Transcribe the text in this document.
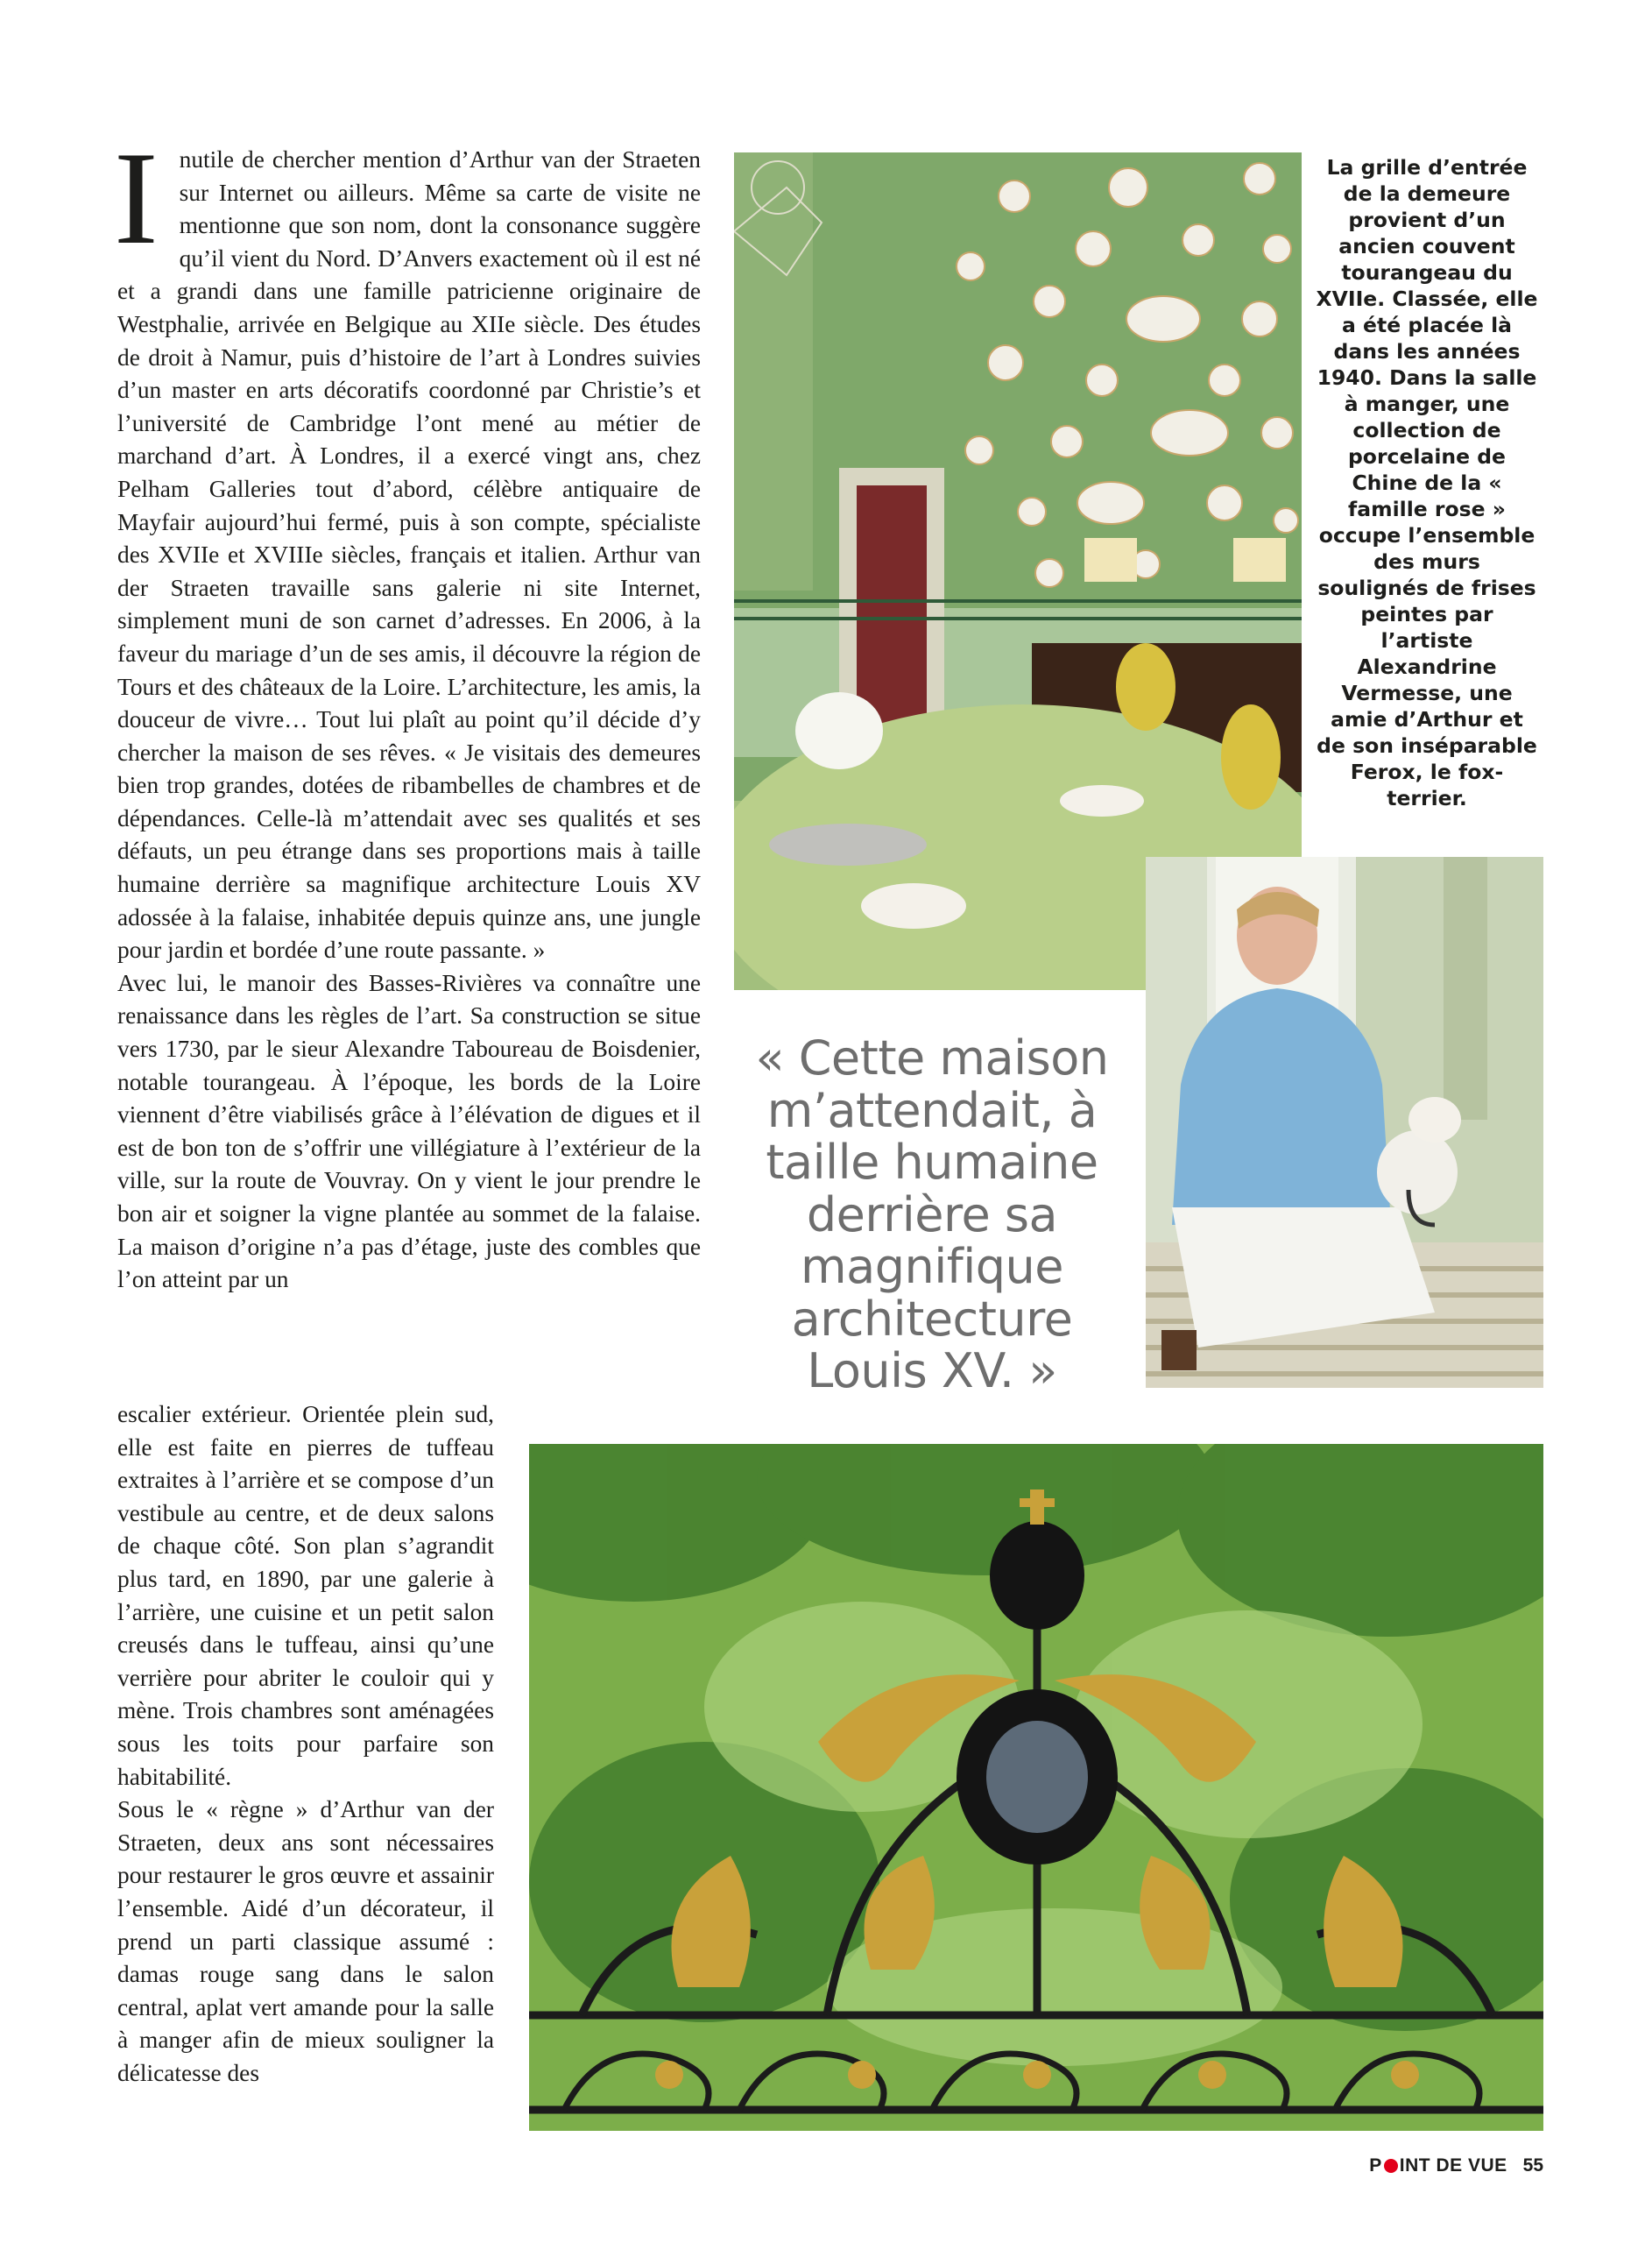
Inutile de chercher mention d’Arthur van der Straeten sur Internet ou ailleurs. Même sa carte de visite ne mentionne que son nom, dont la consonance suggère qu’il vient du Nord. D’Anvers exactement où il est né et a grandi dans une famille patricienne originaire de Westphalie, arrivée en Belgique au XIIe siècle. Des études de droit à Namur, puis d’histoire de l’art à Londres suivies d’un master en arts décoratifs coordonné par Christie’s et l’université de Cambridge l’ont mené au métier de marchand d’art. À Londres, il a exercé vingt ans, chez Pelham Galleries tout d’abord, célèbre antiquaire de Mayfair aujourd’hui fermé, puis à son compte, spécialiste des XVIIe et XVIIIe siècles, français et italien. Arthur van der Straeten travaille sans galerie ni site Internet, simplement muni de son carnet d’adresses. En 2006, à la faveur du mariage d’un de ses amis, il découvre la région de Tours et des châteaux de la Loire. L’architecture, les amis, la douceur de vivre… Tout lui plaît au point qu’il décide d’y chercher la maison de ses rêves. « Je visitais des demeures bien trop grandes, dotées de ribambelles de chambres et de dépendances. Celle-là m’attendait avec ses qualités et ses défauts, un peu étrange dans ses proportions mais à taille humaine derrière sa magnifique architecture Louis XV adossée à la falaise, inhabitée depuis quinze ans, une jungle pour jardin et bordée d’une route passante. »

Avec lui, le manoir des Basses-Rivières va connaître une renaissance dans les règles de l’art. Sa construction se situe vers 1730, par le sieur Alexandre Taboureau de Boisdenier, notable tourangeau. À l’époque, les bords de la Loire viennent d’être viabilisés grâce à l’élévation de digues et il est de bon ton de s’offrir une villégiature à l’extérieur de la ville, sur la route de Vouvray. On y vient le jour prendre le bon air et soigner la vigne plantée au sommet de la falaise. La maison d’origine n’a pas d’étage, juste des combles que l’on atteint par un

escalier extérieur. Orientée plein sud, elle est faite en pierres de tuffeau extraites à l’arrière et se compose d’un vestibule au centre, et de deux salons de chaque côté. Son plan s’agrandit plus tard, en 1890, par une galerie à l’arrière, une cuisine et un petit salon creusés dans le tuffeau, ainsi qu’une verrière pour abriter le couloir qui y mène. Trois chambres sont aménagées sous les toits pour parfaire son habitabilité.

Sous le « règne » d’Arthur van der Straeten, deux ans sont nécessaires pour restaurer le gros œuvre et assainir l’ensemble. Aidé d’un décorateur, il prend un parti classique assumé : damas rouge sang dans le salon central, aplat vert amande pour la salle à manger afin de mieux souligner la délicatesse des

La grille d’entrée de la demeure provient d’un ancien couvent tourangeau du XVIIe. Classée, elle a été placée là dans les années 1940. Dans la salle à manger, une collection de porcelaine de Chine de la « famille rose » occupe l’ensemble des murs soulignés de frises peintes par l’artiste Alexandrine Vermesse, une amie d’Arthur et de son inséparable Ferox, le fox-terrier.
« Cette maison m’attendait, à taille humaine derrière sa magnifique architecture Louis XV. »
P INT DE VUE 55
